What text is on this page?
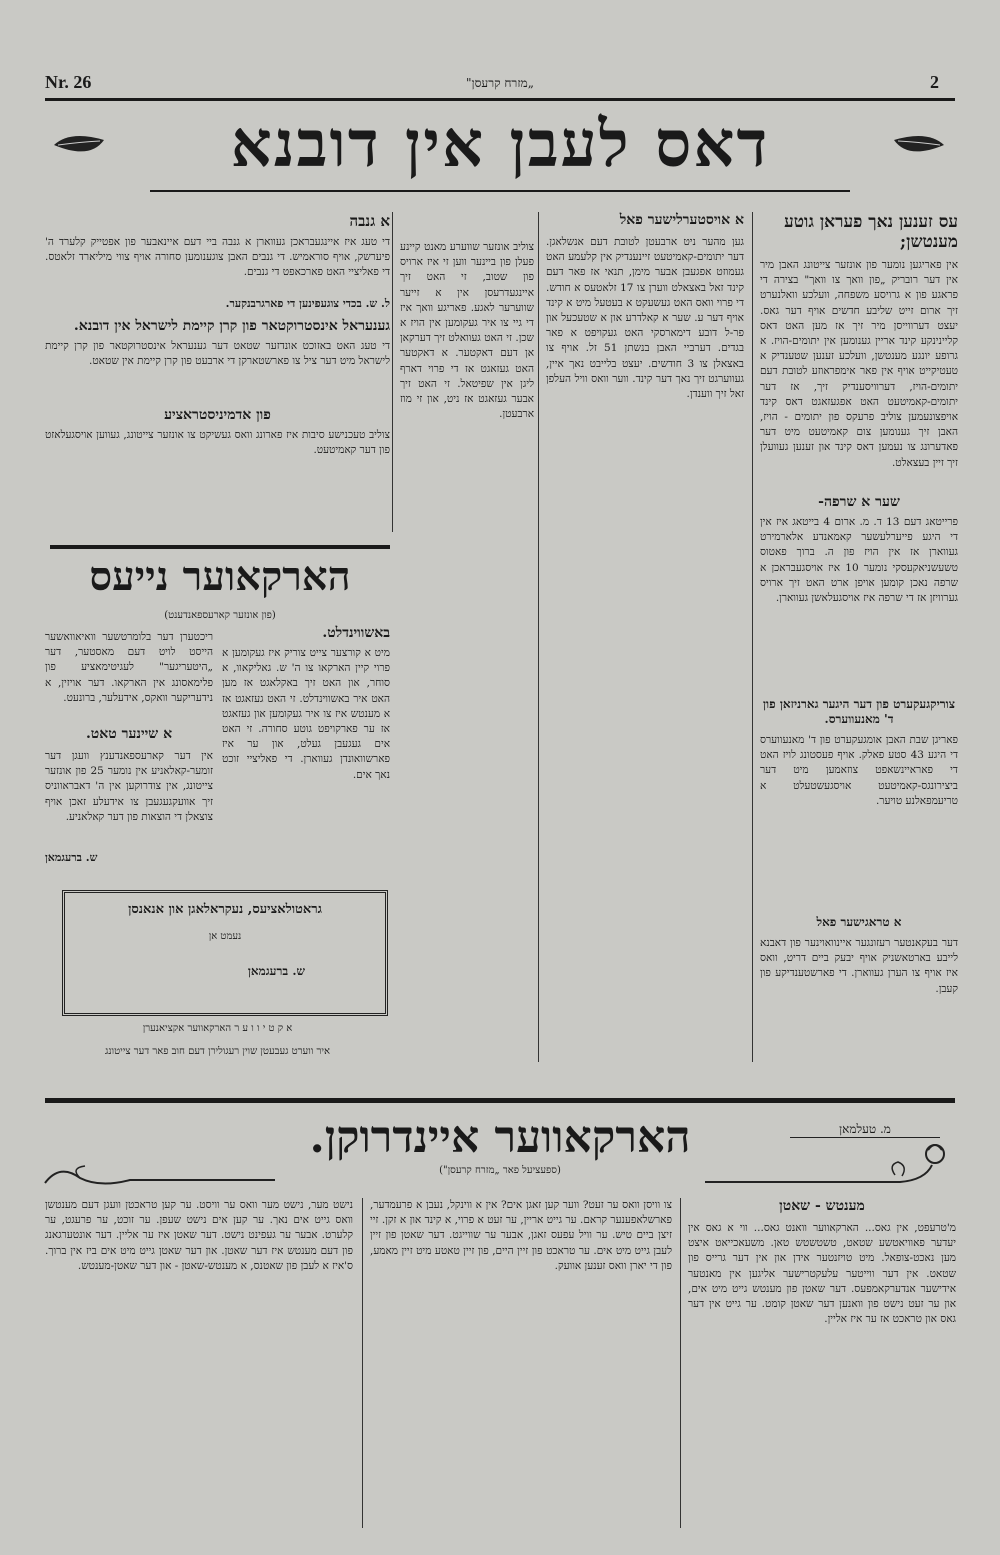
Nr. 26	„מזרח קרעסן"	2
דאס לעבן אין דובנא
עס זענען נאך פעראן גוטע מענטשן;
אין פאריגען נומער פון אונזער צייטונג האבן מיר אין דער רובריק „פון וואך צו וואך" בצירה די פראגע פון א גרויסע משפחה, וועלכע וואלנערט זיך ארום זייט שליבע חדשים אויף דער גאס. יעצט דערווייסן מיר זיך אז מען האט דאס קליינינקע קינד אריין גענומען אין יתומים-הויז. א גרופע יונגע מענטשן, וועלכע זענען שטענדיק א טעטיקייט אויף אין פאר אימפראוזע לטובת דעם יתומים-הויז, דערוויסענדיק זיך, אז דער יתומים-קאמיטעט האט אפגעזאגט דאס קינד אויפצונעמען צוליב פרעקס פון יתומים - הויז, האבן זיך גענומען צום קאמיטעט מיט דער פאדערונג צו נעמען דאס קינד און זענען געוועלן זיך זיין בעצאלט.
שער א שרפה-
פרייטאג דעם 13 ד. מ. ארום 4 בייטאג איז אין די היגע פייערלעשער קאמאנדע אלארמירט געווארן אז אין הויז פון ה. ברוך פאטוס טשעשניאקעסקי נומער 10 איז אויסגעבראכן א שרפה נאכן קומען אויפן ארט האט זיך ארויס גערוויזן אז די שרפה איז אויסגעלאשן געווארן.
צוריקגעקערט פון דער היגער גארניזאן פון ד' מאנעווערס.
פאריגן שבת האבן אומגעקערט פון ד' מאנעווערס די היגע 43 סטע פאלק. אויף פעסטונג לויז האט די פאראיינשאפט צוזאמען מיט דער ביצירונגס-קאמיטעט אויסגעשטעלט א טריעמפאלנע טויער.
א טראגישער פאל
דער בעקאנטער רעזונגער איינוואוינער פון דאבנא לייבע בארטאשניק אויף יבעק ביים דריט, וואס איז אויף צו הערן געווארן. די פארשטענדיקע פון קעבן.
א אויסטערלישער פאל
גען מהער ניט ארבעטן לטובת דעם אנשלאגן. דער יתומים-קאמיטעט זיינענדיק אין קלעמע האט געמוזט אפגעבן אבער מימן, תנאי אז פאר דעם קינד זאל באצאלט ווערן צו 17 זלאטעס א חודש. די פרוי וואס האט געשעקט א בעטעל מיט א קינד אויף דער ע. שער א קאלדרע און א שטעכעל און פר-ל דובע דימארסקי האט געקויפט א פאר בגדים. דערביי האבן בנשתן 51 זל. אויף צו באצאלן צו 3 חודשים. יעצט בלייבט נאך איין, געווערגט זיך נאך דער קינד. ווער וואס וויל העלפן זאל זיך ווענדן.
צוליב אונזער שווערע מאנט קיינע פעלן פון ביינער ווען זי איז ארויס פון שטוב, זי האט זיך איינגעדרעסן אין א זייער שווערער לאגע. פאריגע וואך איז די גיי צו איר געקומען אין הויז א שכן. זי האט געוואלט זיך דערקאן אן דעם דאקטער. א דאקטער האט געזאגט אז די פרוי דארף ליגן אין שפיטאל. זי האט זיך אבער געזאגט אז ניט, און זי מוז ארבעטן.
א גנבה
די טעג איז איינגעבראכן געווארן א גנבה ביי דעם איינאבער פון אפטייק קלערד ה' פיערשק, אויף סוראמיש. די גנבים האבן צוגענומען סחורה אויף צווי מיליארד זלאטס. די פאליציי האט פארכאפט די גנבים.
ל. ש. בכדי צוגעפינען די פארגרבנקער.
גענעראל אינסטרוקטאר פון קרן קיימת לישראל אין דובנא.
די טעג האט באזוכט אונדזער שטאט דער גענעראל אינסטרוקטאר פון קרן קיימת לישראל מיט דער ציל צו פארשטארקן די ארבעט פון קרן קיימת אין שטאט.
פון אדמיניסטראציע
צוליב טעכנישע סיבות איז פארונג וואס געשיקט צו אונזער צייטונג, געווען אויסגעלאזט פון דער קאמיטעט.
הארקאוער נייעס
(פון אונזער קארעספאנדענט)
באשווינדלט.
מיט א קורצער צייט צוריק איז געקומען א פרוי קיין הארקאו צו ה' ש. גאליקאוו, א סוחר, און האט זיך באקלאגט אז מען האט איר באשווינדלט. זי האט געזאגט אז א מענטש איז צו איר געקומען און געזאגט אז ער פארקויפט גוטע סחורה. זי האט אים געגעבן געלט, און ער איז פארשוואונדן געווארן. די פאליציי זוכט נאך אים.
ריכטערן דער בלומרטשער וואיאוואשער הייסט לויט דעם מאסטער, דער „היטעריגער" לעגיטימאציע פון פלימאסונג אין הארקאו. דער אויזין, א נידעריקער וואקס, אידעלער, ברונעט.
א שיינער טאט.
אין דער קארעספאנדענץ וועגן דער זומער-קאלאניע אין נומער 25 פון אונזער צייטונג, אין צודרוקען אין ה' דאבראווניס זיך אוועקגעגעבן צו אידעלע זאכן אויף צוצאלן די הוצאות פון דער קאלאניע.
ש. ברעגמאן
גראטולאציעס, נעקראלאגן און אנאנסן
נעמט אן
ש. ברעגמאן
א ק ט י ו ו ע ר הארקאווער אקציאנערן
איר ווערט געבעטן שוין רעגולירן דעם חוב פאר דער צייטונג
הארקאווער איינדרוקן.	מ. טעלמאן
(ספעציעל פאר „מזרח קרעסן")
מענטש - שאטן
מ'טרעפט, אין גאס... הארקאווער וואנט גאס... ווי א גאס אין יעדער פאוויאטשע שטאט, טשטשטש טאן. משעאכייאט איצט מען נאכט-צופאל. מיט טויזנטער אידן און אין דער גרייס פון שטאט. אין דער ווייטער עלעקטרישער אליגען אין מאנטער אידישער אנדערקאמפעס. דער שאטן פון מענטש גייט מיט אים, און ער זעט נישט פון וואנען דער שאטן קומט. ער גייט אין דער גאס און טראכט אז ער איז אליין.
צו וויסן וואס ער זעט? ווער קען זאגן אים? אין א ווינקל, נעבן א פרעמדער, פארשלאפענער קראם. ער גייט אריין, ער זעט א פרוי, א קינד און א זקן. זיי זיצן ביים טיש. ער וויל עפעס זאגן, אבער ער שווייגט. דער שאטן פון זיין לעבן גייט מיט אים. ער טראכט פון זיין היים, פון זיין טאטע מיט זיין מאמע, פון די יארן וואס זענען אוועק.
נישט מער, נישט מער וואס ער וויסט. ער קען טראכטן וועגן דעם מענטשן וואס גייט אים נאך. ער קען אים נישט שעפן. ער זוכט, ער פרעגט, ער קלערט. אבער ער געפינט נישט. דער שאטן איז ער אליין. דער אונטערגאנג פון דעם מענטש איז דער שאטן. און דער שאטן גייט מיט אים ביז אין ברוך. ס'איז א לעבן פון שאטנס, א מענטש-שאטן - און דער שאטן-מענטש.
